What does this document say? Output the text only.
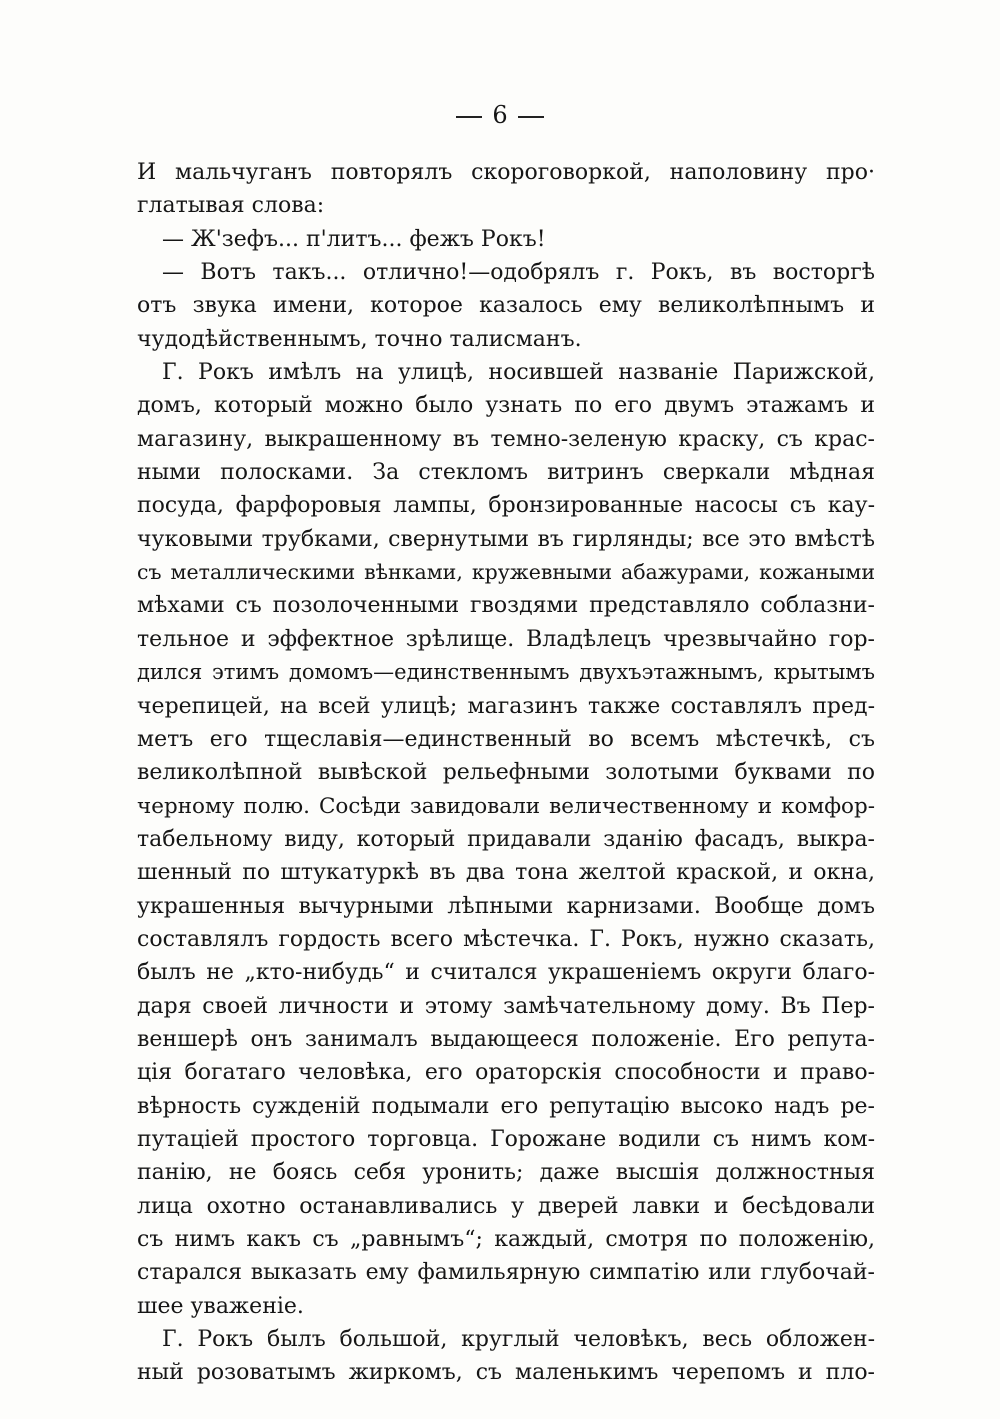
6
И мальчуганъ повторялъ скороговоркой, наполовину про·
глатывая слова:
— Ж'зефъ... п'литъ... фежъ Рокъ!
— Вотъ такъ... отлично!—одобрялъ г. Рокъ, въ восторгѣ
отъ звука имени, которое казалось ему великолѣпнымъ и
чудодѣйственнымъ, точно талисманъ.
Г. Рокъ имѣлъ на улицѣ, носившей названіе Парижской,
домъ, который можно было узнать по его двумъ этажамъ и
магазину, выкрашенному въ темно-зеленую краску, съ крас-
ными полосками. За стекломъ витринъ сверкали мѣдная
посуда, фарфоровыя лампы, бронзированные насосы съ кау-
чуковыми трубками, свернутыми въ гирлянды; все это вмѣстѣ
съ металлическими вѣнками, кружевными абажурами, кожаными
мѣхами съ позолоченными гвоздями представляло соблазни-
тельное и эффектное зрѣлище. Владѣлецъ чрезвычайно гор-
дился этимъ домомъ—единственнымъ двухъэтажнымъ, крытымъ
черепицей, на всей улицѣ; магазинъ также составлялъ пред-
метъ его тщеславія—единственный во всемъ мѣстечкѣ, съ
великолѣпной вывѣской рельефными золотыми буквами по
черному полю. Сосѣди завидовали величественному и комфор-
табельному виду, который придавали зданію фасадъ, выкра-
шенный по штукатуркѣ въ два тона желтой краской, и окна,
украшенныя вычурными лѣпными карнизами. Вообще домъ
составлялъ гордость всего мѣстечка. Г. Рокъ, нужно сказать,
былъ не „кто-нибудь“ и считался украшеніемъ округи благо-
даря своей личности и этому замѣчательному дому. Въ Пер-
веншерѣ онъ занималъ выдающееся положеніе. Его репута-
ція богатаго человѣка, его ораторскія способности и право-
вѣрность сужденій подымали его репутацію высоко надъ ре-
путаціей простого торговца. Горожане водили съ нимъ ком-
панію, не боясь себя уронить; даже высшія должностныя
лица охотно останавливались у дверей лавки и бесѣдовали
съ нимъ какъ съ „равнымъ“; каждый, смотря по положенію,
старался выказать ему фамильярную симпатію или глубочай-
шее уваженіе.
Г. Рокъ былъ большой, круглый человѣкъ, весь обложен-
ный розоватымъ жиркомъ, съ маленькимъ черепомъ и пло-
